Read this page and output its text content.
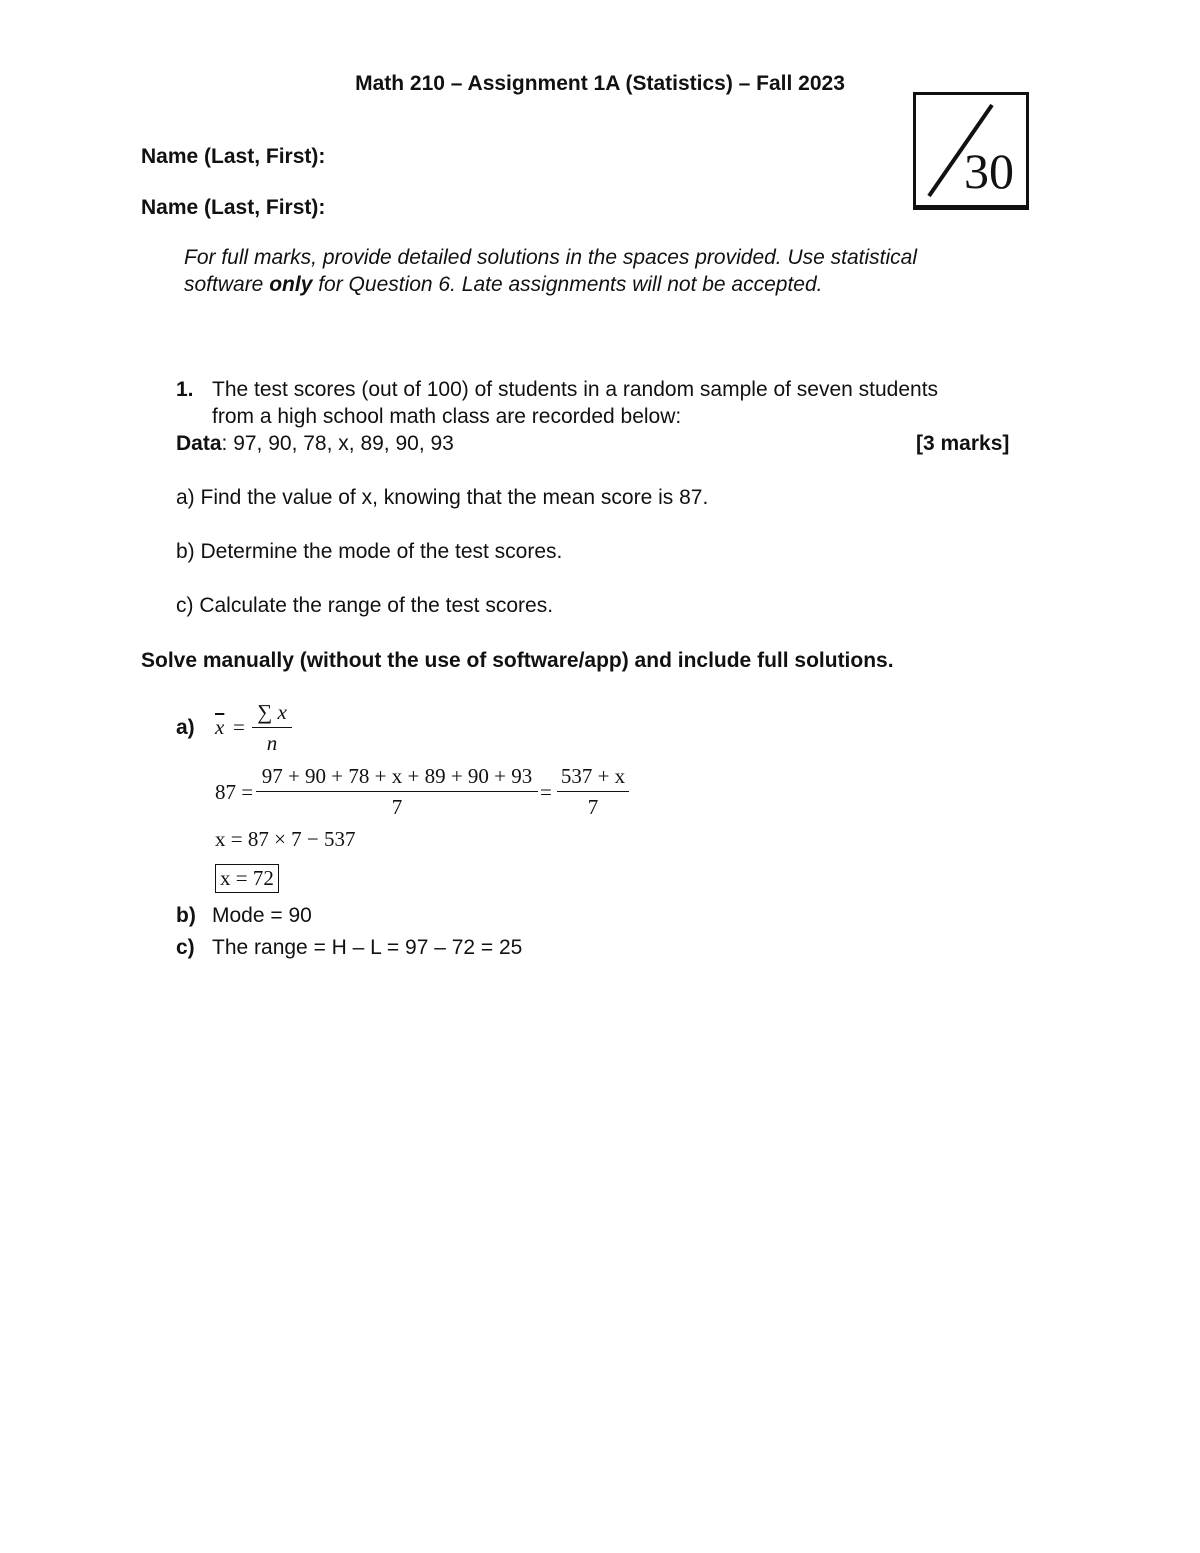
Math 210 – Assignment 1A (Statistics) – Fall 2023
Name (Last, First):
Name (Last, First):
30
For full marks, provide detailed solutions in the spaces provided. Use statistical
software only for Question 6. Late assignments will not be accepted.
1. The test scores (out of 100) of students in a random sample of seven students
from a high school math class are recorded below:
Data: 97, 90, 78, x, 89, 90, 93	[3 marks]
a) Find the value of x, knowing that the mean score is 87.
b) Determine the mode of the test scores.
c) Calculate the range of the test scores.
Solve manually (without the use of software/app) and include full solutions.
a) $\overline{x}$ =
∑ x
n
87 =
97 + 90 + 78 + x + 89 + 90 + 93
7
=
537 + x
7
x = 87 × 7 − 537
x = 72
b) Mode = 90
c) The range = H – L = 97 – 72 = 25
